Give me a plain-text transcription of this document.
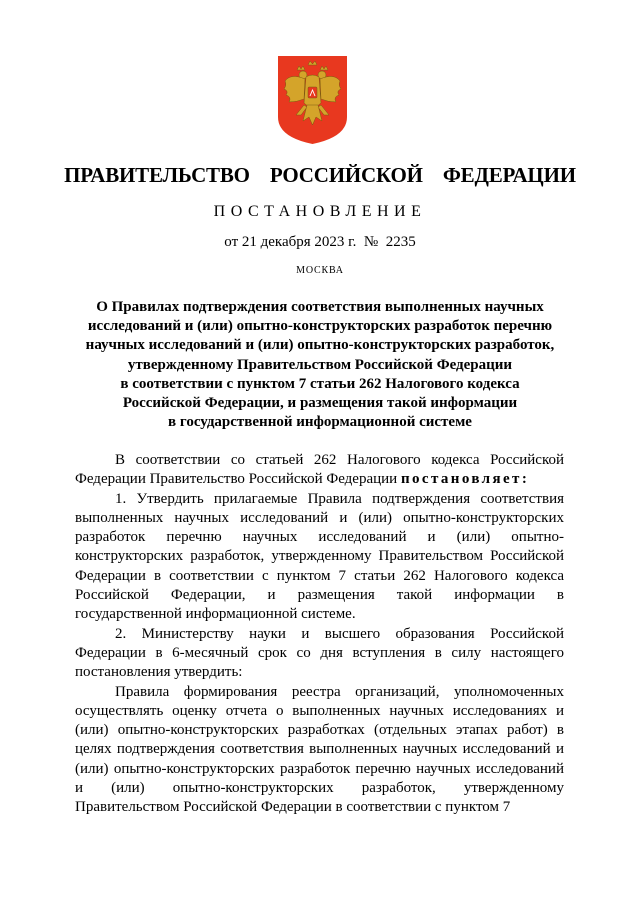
ПРАВИТЕЛЬСТВО  РОССИЙСКОЙ  ФЕДЕРАЦИИ
ПОСТАНОВЛЕНИЕ
от 21 декабря 2023 г.  №  2235
МОСКВА
О Правилах подтверждения соответствия выполненных научных
исследований и (или) опытно-конструкторских разработок перечню
научных исследований и (или) опытно-конструкторских разработок,
утвержденному Правительством Российской Федерации
в соответствии с пунктом 7 статьи 262 Налогового кодекса
Российской Федерации, и размещения такой информации
в государственной информационной системе

В соответствии со статьей 262 Налогового кодекса Российской Федерации Правительство Российской Федерации постановляет:

1. Утвердить прилагаемые Правила подтверждения соответствия выполненных научных исследований и (или) опытно-конструкторских разработок перечню научных исследований и (или) опытно-конструкторских разработок, утвержденному Правительством Российской Федерации в соответствии с пунктом 7 статьи 262 Налогового кодекса Российской Федерации, и размещения такой информации в государственной информационной системе.

2. Министерству науки и высшего образования Российской Федерации в 6-месячный срок со дня вступления в силу настоящего постановления утвердить:

Правила формирования реестра организаций, уполномоченных осуществлять оценку отчета о выполненных научных исследованиях и (или) опытно-конструкторских разработках (отдельных этапах работ) в целях подтверждения соответствия выполненных научных исследований и (или) опытно-конструкторских разработок перечню научных исследований и (или) опытно-конструкторских разработок, утвержденному Правительством Российской Федерации в соответствии с пунктом 7
